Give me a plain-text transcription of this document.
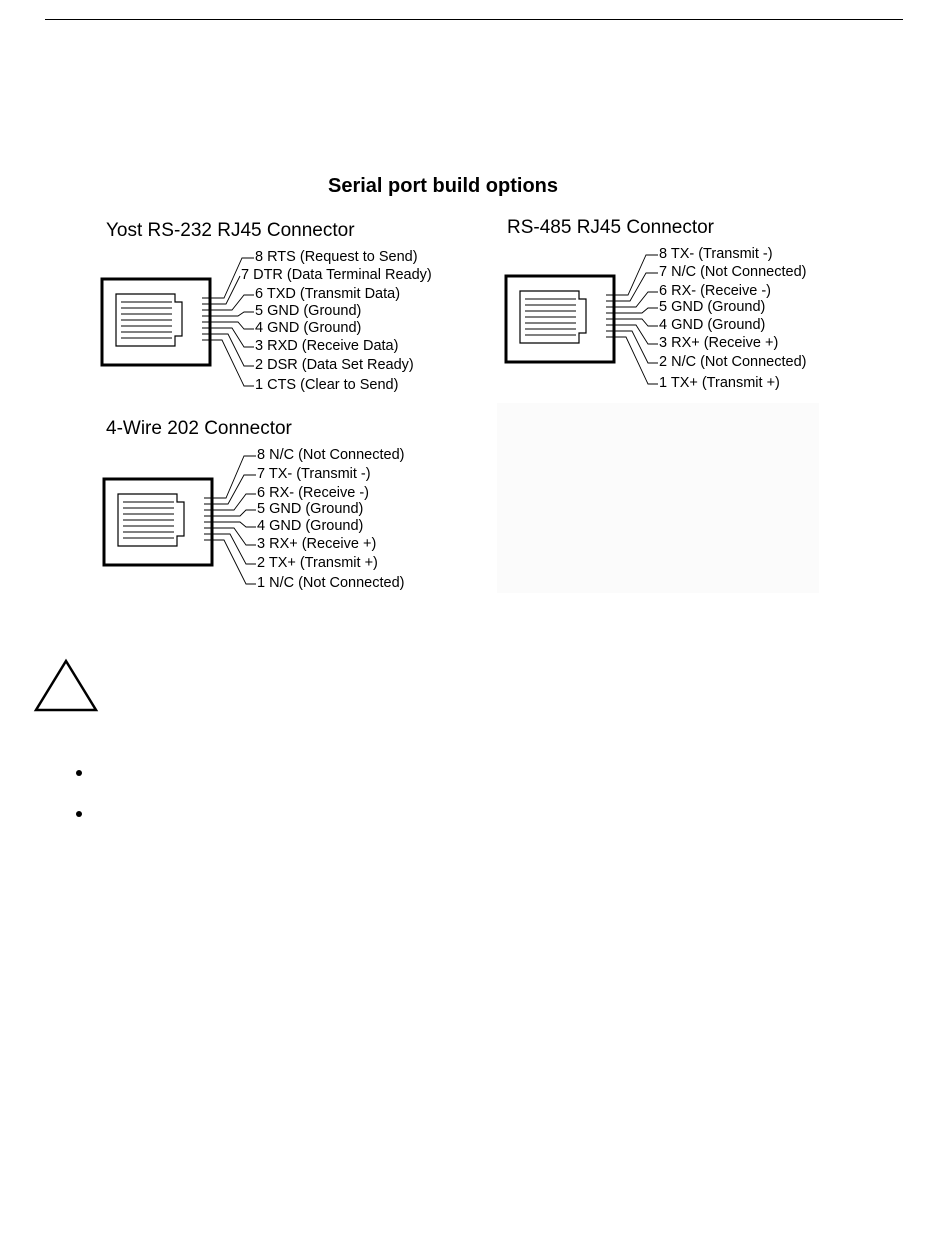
Serial port build options
Yost RS-232 RJ45 Connector
8 RTS (Request to Send)
7 DTR (Data Terminal Ready)
6 TXD (Transmit Data)
5 GND (Ground)
4 GND (Ground)
3 RXD (Receive Data)
2 DSR (Data Set Ready)
1 CTS (Clear to Send)
RS-485 RJ45 Connector
8 TX- (Transmit -)
7 N/C (Not Connected)
6 RX- (Receive -)
5 GND (Ground)
4 GND (Ground)
3 RX+ (Receive +)
2 N/C (Not Connected)
1 TX+ (Transmit +)
4-Wire 202 Connector
8 N/C (Not Connected)
7 TX- (Transmit -)
6 RX- (Receive -)
5 GND (Ground)
4 GND (Ground)
3 RX+ (Receive +)
2 TX+ (Transmit +)
1 N/C (Not Connected)
